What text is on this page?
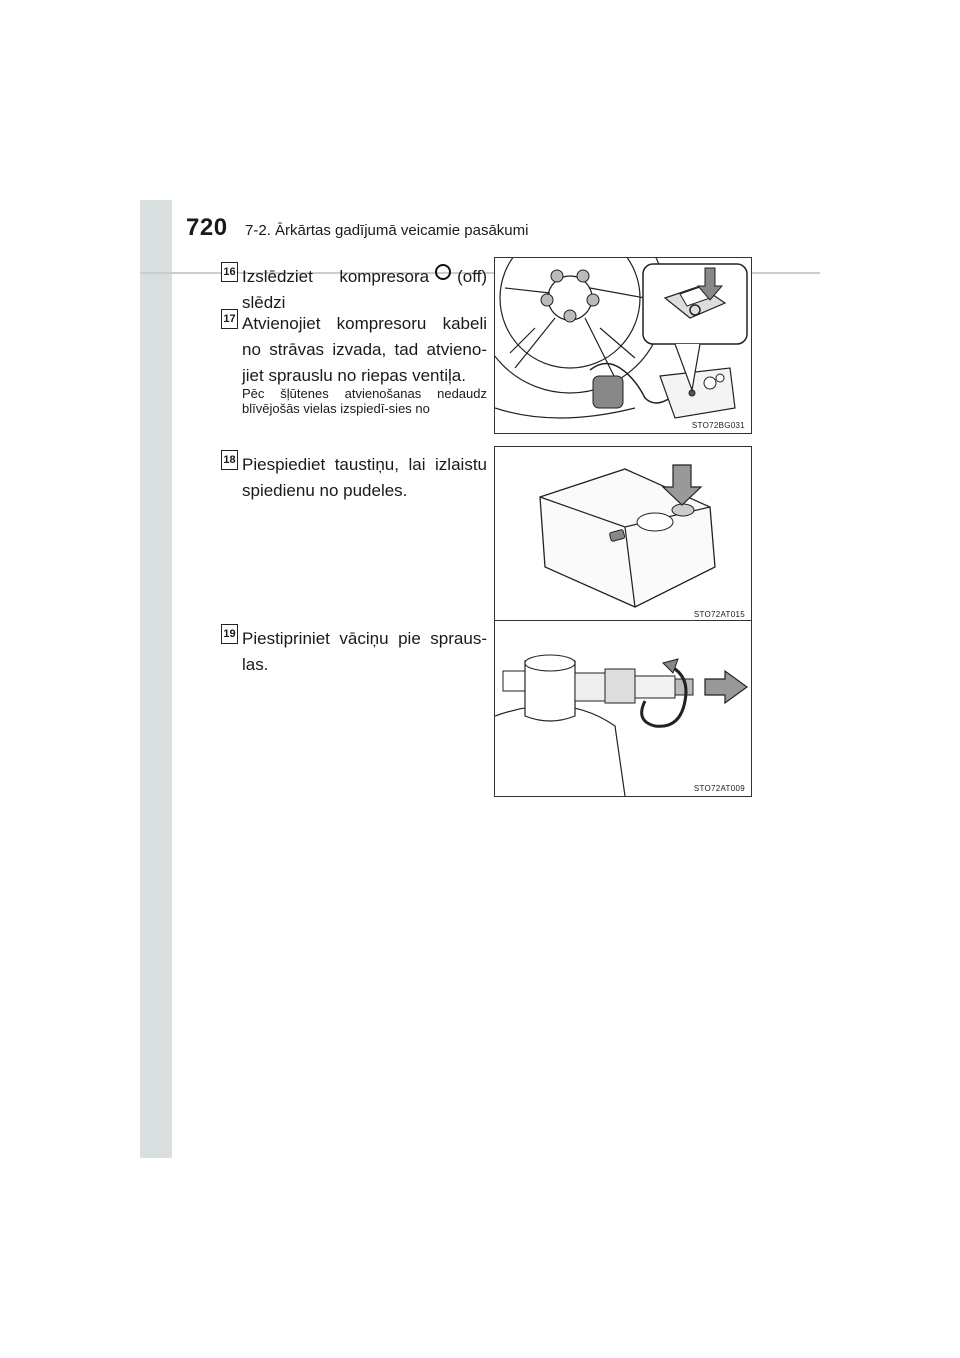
720 7-2. Ārkārtas gadījumā veicamie pasākumi
16 Izslēdziet kompresora (off) slēdzi
17 Atvienojiet kompresoru kabeli no strāvas izvada, tad atvieno-jiet sprauslu no riepas ventiļa.
Pēc šļūtenes atvienošanas nedaudz blīvējošās vielas izspiedī-sies no
18 Piespiediet taustiņu, lai izlaistu spiedienu no pudeles.
19 Piestipriniet vāciņu pie spraus-las.
STO72BG031
STO72AT015
STO72AT009
